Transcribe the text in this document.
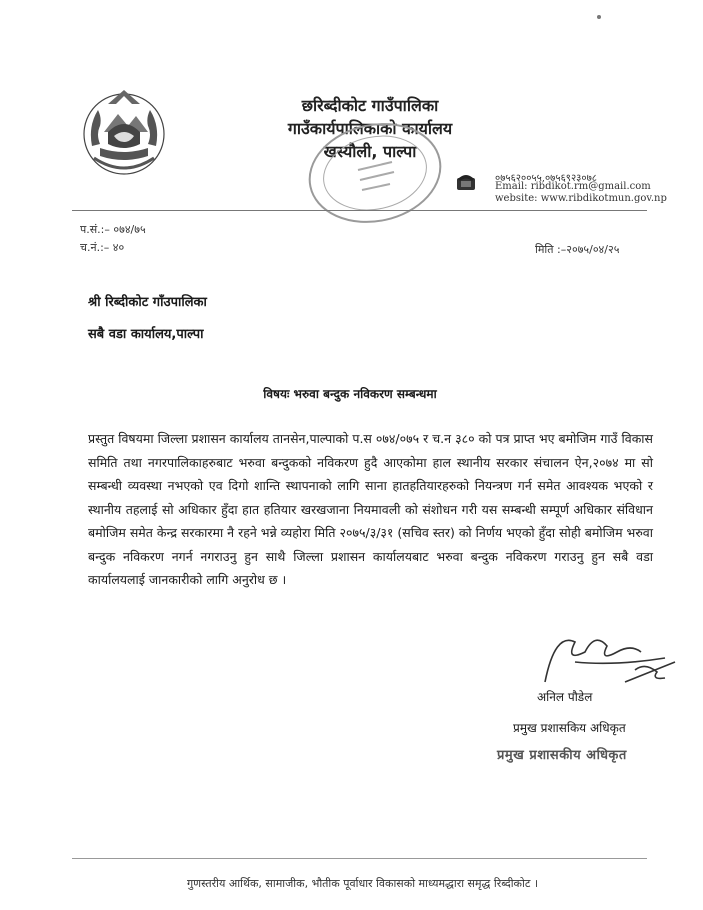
छरिब्दीकोट गाउँपालिका
गाउँकार्यपालिकाको कार्यालय
खस्यौली, पाल्पा
०७५६२००५५,०७५६९२३०७८
Email: ribdikot.rm@gmail.com
website: www.ribdikotmun.gov.np
प.सं.:– ०७४/७५
च.नं.:– ४०	मिति :–२०७५/०४/२५
श्री रिब्दीकोट गाँउपालिका
सबै वडा कार्यालय,पाल्पा
विषयः भरुवा बन्दुक नविकरण सम्बन्धमा
प्रस्तुत विषयमा जिल्ला प्रशासन कार्यालय तानसेन,पाल्पाको प.स ०७४/०७५ र च.न ३८० को पत्र प्राप्त भए बमोजिम गाउँ विकास समिति तथा नगरपालिकाहरुबाट भरुवा बन्दुकको नविकरण हुदै आएकोमा हाल स्थानीय सरकार संचालन ऐन,२०७४ मा सो सम्बन्धी व्यवस्था नभएको एव दिगो शान्ति स्थापनाको लागि साना हातहतियारहरुको नियन्त्रण गर्न समेत आवश्यक भएको र स्थानीय तहलाई सो अधिकार हुँदा हात हतियार खरखजाना नियमावली को संशोधन गरी यस सम्बन्धी सम्पूर्ण अधिकार संविधान बमोजिम समेत केन्द्र सरकारमा नै रहने भन्ने व्यहोरा मिति २०७५/३/३१ (सचिव स्तर) को निर्णय भएको हुँदा सोही बमोजिम भरुवा बन्दुक नविकरण नगर्न नगराउनु हुन साथै जिल्ला प्रशासन कार्यालयबाट भरुवा बन्दुक नविकरण गराउनु हुन सबै वडा कार्यालयलाई जानकारीको लागि अनुरोध छ ।
अनिल पौडेल
प्रमुख प्रशासकिय अधिकृत
प्रमुख प्रशासकीय अधिकृत
गुणस्तरीय आर्थिक, सामाजीक, भौतीक पूर्वाधार विकासको माध्यमद्धारा समृद्ध रिब्दीकोट ।
